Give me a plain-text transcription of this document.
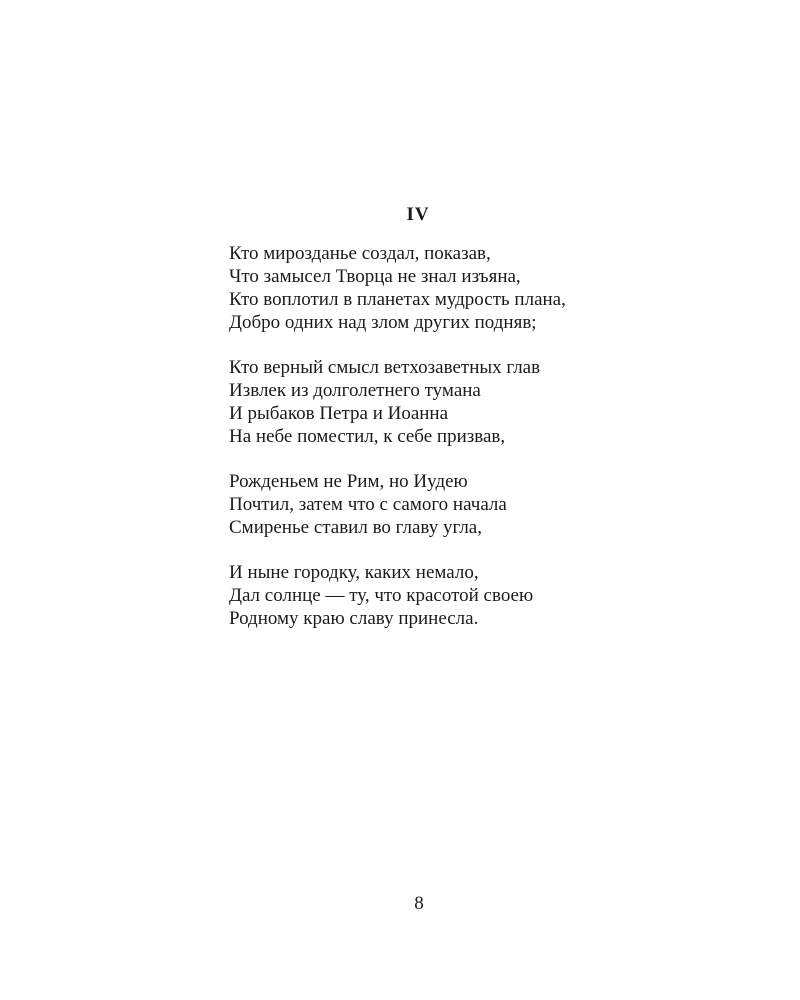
IV
Кто мирозданье создал, показав,
Что замысел Творца не знал изъяна,
Кто воплотил в планетах мудрость плана,
Добро одних над злом других подняв;
Кто верный смысл ветхозаветных глав
Извлек из долголетнего тумана
И рыбаков Петра и Иоанна
На небе поместил, к себе призвав,
Рожденьем не Рим, но Иудею
Почтил, затем что с самого начала
Смиренье ставил во главу угла,
И ныне городку, каких немало,
Дал солнце — ту, что красотой своею
Родному краю славу принесла.
8
